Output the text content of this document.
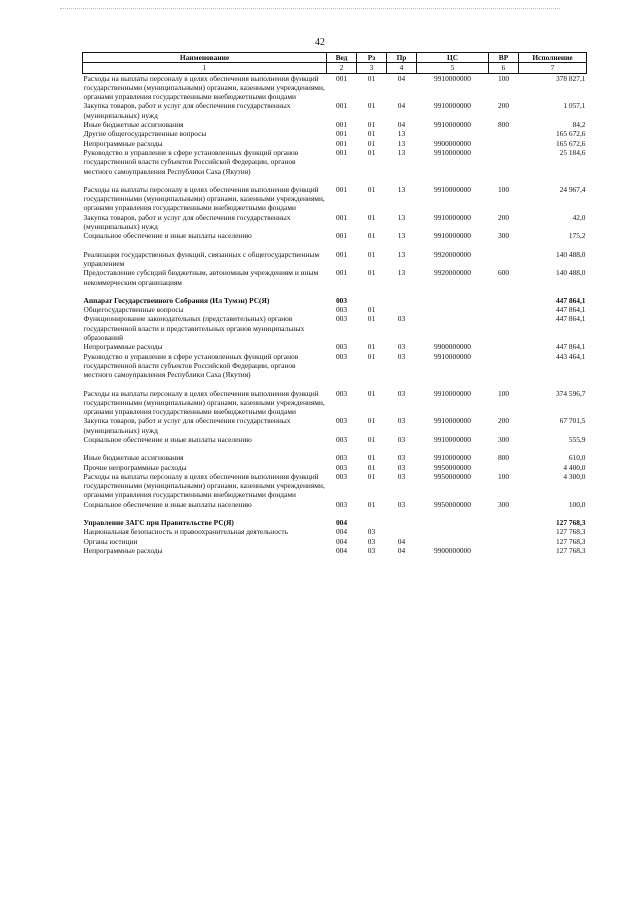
42
Наименование	Вед	Рз	Пр	ЦС	ВР	Исполнение
1	2	3	4	5	6	7
Расходы на выплаты персоналу в целях обеспечения выполнения функций государственными (муниципальными) органами, казенными учреждениями, органами управления государственными внебюджетными фондами	001	01	04	9910000000	100	378 827,1
Закупка товаров, работ и услуг для обеспечения государственных (муниципальных) нужд	001	01	04	9910000000	200	1 057,1
Иные бюджетные ассигнования	001	01	04	9910000000	800	84,2
Другие общегосударственные вопросы	001	01	13			165 672,6
Непрограммные расходы	001	01	13	9900000000		165 672,6
Руководство и управление в сфере установленных функций органов государственной власти субъектов Российской Федерации, органов местного самоуправления Республики Саха (Якутия)	001	01	13	9910000000		25 184,6

Расходы на выплаты персоналу в целях обеспечения выполнения функций государственными (муниципальными) органами, казенными учреждениями, органами управления государственными внебюджетными фондами	001	01	13	9910000000	100	24 967,4
Закупка товаров, работ и услуг для обеспечения государственных (муниципальных) нужд	001	01	13	9910000000	200	42,0
Социальное обеспечение и иные выплаты населению	001	01	13	9910000000	300	175,2

Реализация государственных функций, связанных с общегосударственным управлением	001	01	13	9920000000		140 488,0
Предоставление субсидий бюджетным, автономным учреждениям и иным некоммерческим организациям	001	01	13	9920000000	600	140 488,0

Аппарат Государственного Собрания (Ил Тумэн) РС(Я)	003					447 864,1
Общегосударственные вопросы	003	01				447 864,1
Функционирование законодательных (представительных) органов государственной власти и представительных органов муниципальных образований	003	01	03			447 864,1
Непрограммные расходы	003	01	03	9900000000		447 864,1
Руководство и управление в сфере установленных функций органов государственной власти субъектов Российской Федерации, органов местного самоуправления Республики Саха (Якутия)	003	01	03	9910000000		443 464,1

Расходы на выплаты персоналу в целях обеспечения выполнения функций государственными (муниципальными) органами, казенными учреждениями, органами управления государственными внебюджетными фондами	003	01	03	9910000000	100	374 596,7
Закупка товаров, работ и услуг для обеспечения государственных (муниципальных) нужд	003	01	03	9910000000	200	67 701,5
Социальное обеспечение и иные выплаты населению	003	01	03	9910000000	300	555,9

Иные бюджетные ассигнования	003	01	03	9910000000	800	610,0
Прочие непрограммные расходы	003	01	03	9950000000		4 400,0
Расходы на выплаты персоналу в целях обеспечения выполнения функций государственными (муниципальными) органами, казенными учреждениями, органами управления государственными внебюджетными фондами	003	01	03	9950000000	100	4 300,0
Социальное обеспечение и иные выплаты населению	003	01	03	9950000000	300	100,0

Управление ЗАГС при Правительстве РС(Я)	004					127 768,3
Национальная безопасность и правоохранительная деятельность	004	03				127 768,3
Органы юстиции	004	03	04			127 768,3
Непрограммные расходы	004	03	04	9900000000		127 768,3
